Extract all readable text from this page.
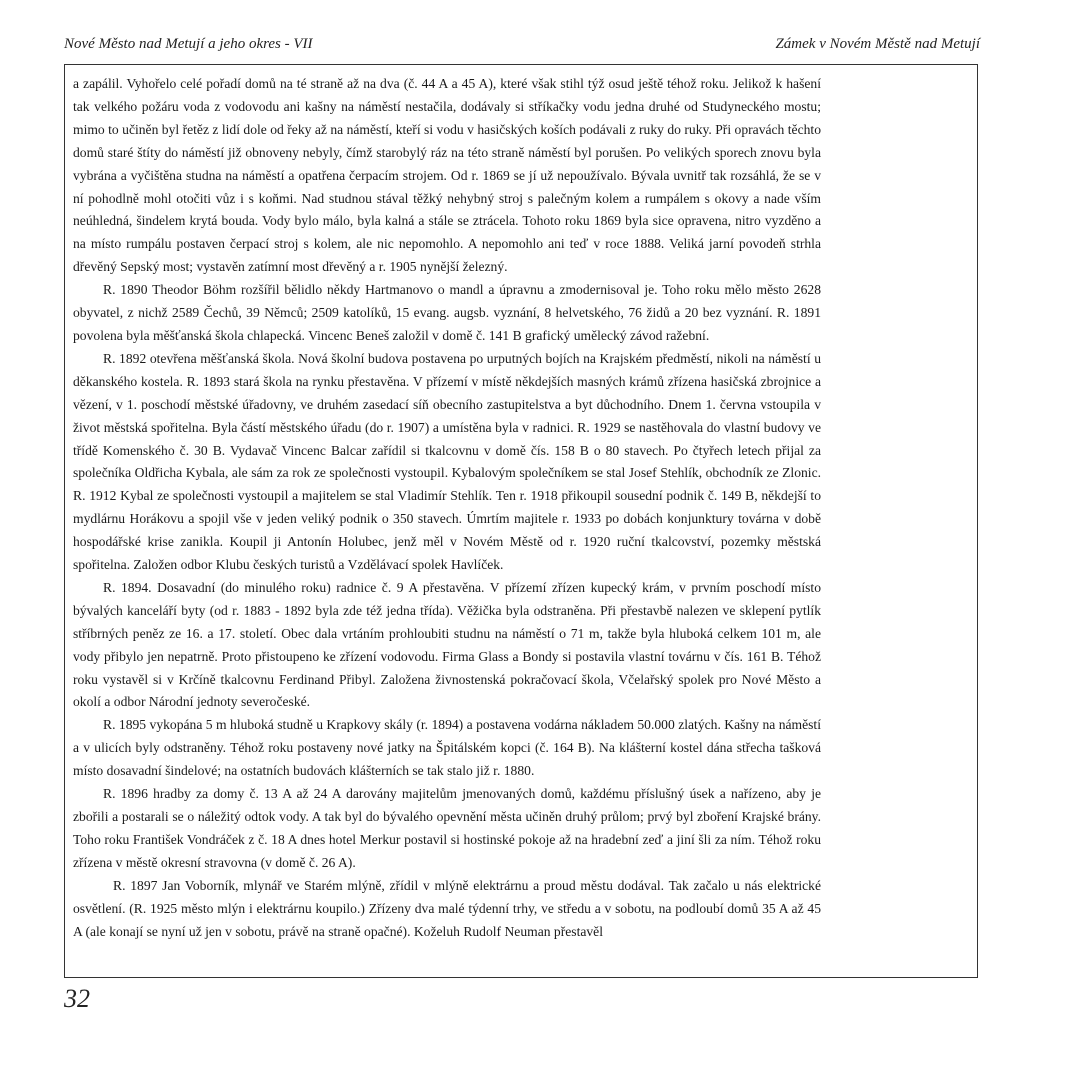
Nové Město nad Metují a jeho okres - VII	Zámek v Novém Městě nad Metují

a zapálil. Vyhořelo celé pořadí domů na té straně až na dva (č. 44 A a 45 A), které však stihl týž osud ještě téhož roku. Jelikož k hašení tak velkého požáru voda z vodovodu ani kašny na náměstí nestačila, dodávaly si stříkačky vodu jedna druhé od Studyneckého mostu; mimo to učiněn byl řetěz z lidí dole od řeky až na náměstí, kteří si vodu v hasičských koších podávali z ruky do ruky. Při opravách těchto domů staré štíty do náměstí již obnoveny nebyly, čímž starobylý ráz na této straně náměstí byl porušen. Po velikých sporech znovu byla vybrána a vyčištěna studna na náměstí a opatřena čerpacím strojem. Od r. 1869 se jí už nepoužívalo. Bývala uvnitř tak rozsáhlá, že se v ní pohodlně mohl otočiti vůz i s koňmi. Nad studnou stával těžký nehybný stroj s palečným kolem a rumpálem s okovy a nade vším neúhledná, šindelem krytá bouda. Vody bylo málo, byla kalná a stále se ztrácela. Tohoto roku 1869 byla sice opravena, nitro vyzděno a na místo rumpálu postaven čerpací stroj s kolem, ale nic nepomohlo. A nepomohlo ani teď v roce 1888. Veliká jarní povodeň strhla dřevěný Sepský most; vystavěn zatímní most dřevěný a r. 1905 nynější železný.

R. 1890 Theodor Böhm rozšířil bělidlo někdy Hartmanovo o mandl a úpravnu a zmodernisoval je. Toho roku mělo město 2628 obyvatel, z nichž 2589 Čechů, 39 Němců; 2509 katolíků, 15 evang. augsb. vyznání, 8 helvetského, 76 židů a 20 bez vyznání. R. 1891 povolena byla měšťanská škola chlapecká. Vincenc Beneš založil v domě č. 141 B grafický umělecký závod ražební.

R. 1892 otevřena měšťanská škola. Nová školní budova postavena po urputných bojích na Krajském předměstí, nikoli na náměstí u děkanského kostela. R. 1893 stará škola na rynku přestavěna. V přízemí v místě někdejších masných krámů zřízena hasičská zbrojnice a vězení, v 1. poschodí městské úřadovny, ve druhém zasedací síň obecního zastupitelstva a byt důchodního. Dnem 1. června vstoupila v život městská spořitelna. Byla částí městského úřadu (do r. 1907) a umístěna byla v radnici. R. 1929 se nastěhovala do vlastní budovy ve třídě Komenského č. 30 B. Vydavač Vincenc Balcar zařídil si tkalcovnu v domě čís. 158 B o 80 stavech. Po čtyřech letech přijal za společníka Oldřicha Kybala, ale sám za rok ze společnosti vystoupil. Kybalovým společníkem se stal Josef Stehlík, obchodník ze Zlonic. R. 1912 Kybal ze společnosti vystoupil a majitelem se stal Vladimír Stehlík. Ten r. 1918 přikoupil sousední podnik č. 149 B, někdejší to mydlárnu Horákovu a spojil vše v jeden veliký podnik o 350 stavech. Úmrtím majitele r. 1933 po dobách konjunktury továrna v době hospodářské krise zanikla. Koupil ji Antonín Holubec, jenž měl v Novém Městě od r. 1920 ruční tkalcovství, pozemky městská spořitelna. Založen odbor Klubu českých turistů a Vzdělávací spolek Havlíček.

R. 1894. Dosavadní (do minulého roku) radnice č. 9 A přestavěna. V přízemí zřízen kupecký krám, v prvním poschodí místo bývalých kanceláří byty (od r. 1883 - 1892 byla zde též jedna třída). Věžička byla odstraněna. Při přestavbě nalezen ve sklepení pytlík stříbrných peněz ze 16. a 17. století. Obec dala vrtáním prohloubiti studnu na náměstí o 71 m, takže byla hluboká celkem 101 m, ale vody přibylo jen nepatrně. Proto přistoupeno ke zřízení vodovodu. Firma Glass a Bondy si postavila vlastní továrnu v čís. 161 B. Téhož roku vystavěl si v Krčíně tkalcovnu Ferdinand Přibyl. Založena živnostenská pokračovací škola, Včelařský spolek pro Nové Město a okolí a odbor Národní jednoty severočeské.

R. 1895 vykopána 5 m hluboká studně u Krapkovy skály (r. 1894) a postavena vodárna nákladem 50.000 zlatých. Kašny na náměstí a v ulicích byly odstraněny. Téhož roku postaveny nové jatky na Špitálském kopci (č. 164 B). Na klášterní kostel dána střecha tašková místo dosavadní šindelové; na ostatních budovách klášterních se tak stalo již r. 1880.

R. 1896 hradby za domy č. 13 A až 24 A darovány majitelům jmenovaných domů, každému příslušný úsek a nařízeno, aby je zbořili a postarali se o náležitý odtok vody. A tak byl do bývalého opevnění města učiněn druhý průlom; prvý byl zboření Krajské brány. Toho roku František Vondráček z č. 18 A dnes hotel Merkur postavil si hostinské pokoje až na hradební zeď a jiní šli za ním. Téhož roku zřízena v městě okresní stravovna (v domě č. 26 A).

R. 1897 Jan Voborník, mlynář ve Starém mlýně, zřídil v mlýně elektrárnu a proud městu dodával. Tak začalo u nás elektrické osvětlení. (R. 1925 město mlýn i elektrárnu koupilo.) Zřízeny dva malé týdenní trhy, ve středu a v sobotu, na podloubí domů 35 A až 45 A (ale konají se nyní už jen v sobotu, právě na straně opačné). Koželuh Rudolf Neuman přestavěl

32
